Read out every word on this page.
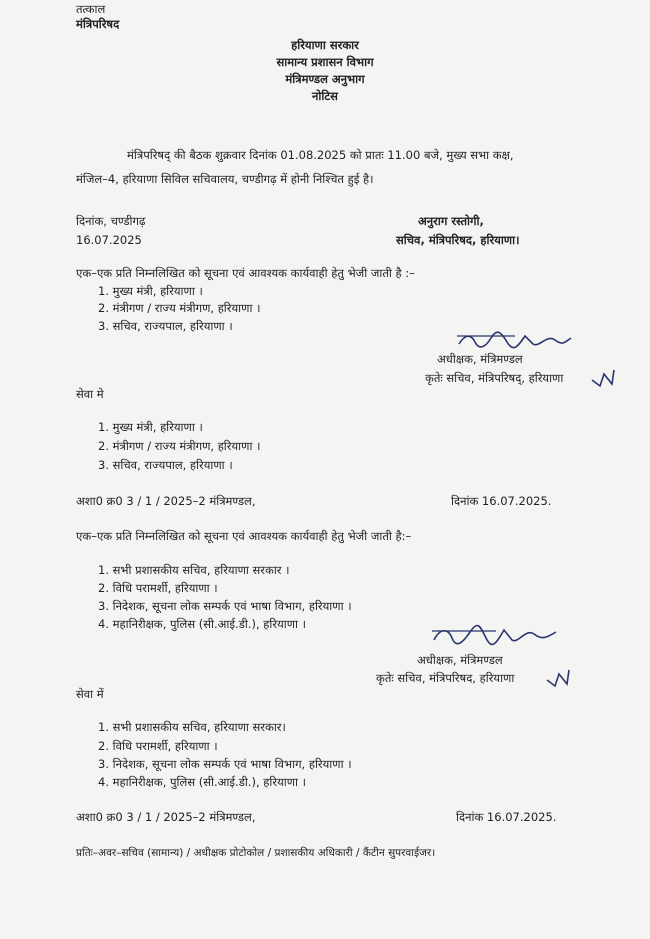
तत्काल
मंत्रिपरिषद
हरियाणा सरकार
सामान्य प्रशासन विभाग
मंत्रिमण्डल अनुभाग
नोटिस
मंत्रिपरिषद् की बैठक शुक्रवार दिनांक 01.08.2025 को प्रातः 11.00 बजे, मुख्य सभा कक्ष,
मंजिल–4, हरियाणा सिविल सचिवालय, चण्डीगढ़ में होनी निश्चित हुई है।
दिनांक, चण्डीगढ़
16.07.2025
अनुराग रस्तोगी,
सचिव, मंत्रिपरिषद, हरियाणा।
एक–एक प्रति निम्नलिखित को सूचना एवं आवश्यक कार्यवाही हेतु भेजी जाती है :–
1. मुख्य मंत्री, हरियाणा ।
2. मंत्रीगण / राज्य मंत्रीगण, हरियाणा ।
3. सचिव, राज्यपाल, हरियाणा ।
अधीक्षक, मंत्रिमण्डल
कृतेः सचिव, मंत्रिपरिषद्, हरियाणा
सेवा मे
1. मुख्य मंत्री, हरियाणा ।
2. मंत्रीगण / राज्य मंत्रीगण, हरियाणा ।
3. सचिव, राज्यपाल, हरियाणा ।
अशा0 क्र0 3 / 1 / 2025–2 मंत्रिमण्डल,	दिनांक 16.07.2025.
एक–एक प्रति निम्नलिखित को सूचना एवं आवश्यक कार्यवाही हेतु भेजी जाती है:–
1. सभी प्रशासकीय सचिव, हरियाणा सरकार ।
2. विधि परामर्शी, हरियाणा ।
3. निदेशक, सूचना लोक सम्पर्क एवं भाषा विभाग, हरियाणा ।
4. महानिरीक्षक, पुलिस (सी.आई.डी.), हरियाणा ।
अधीक्षक, मंत्रिमण्डल
कृतेः सचिव, मंत्रिपरिषद, हरियाणा
सेवा में
1. सभी प्रशासकीय सचिव, हरियाणा सरकार।
2. विधि परामर्शी, हरियाणा ।
3. निदेशक, सूचना लोक सम्पर्क एवं भाषा विभाग, हरियाणा ।
4. महानिरीक्षक, पुलिस (सी.आई.डी.), हरियाणा ।
अशा0 क्र0 3 / 1 / 2025–2 मंत्रिमण्डल,	दिनांक 16.07.2025.
प्रतिः–अवर–सचिव (सामान्य) / अधीक्षक प्रोटोकोल / प्रशासकीय अधिकारी / कैंटीन सुपरवाईजर।
